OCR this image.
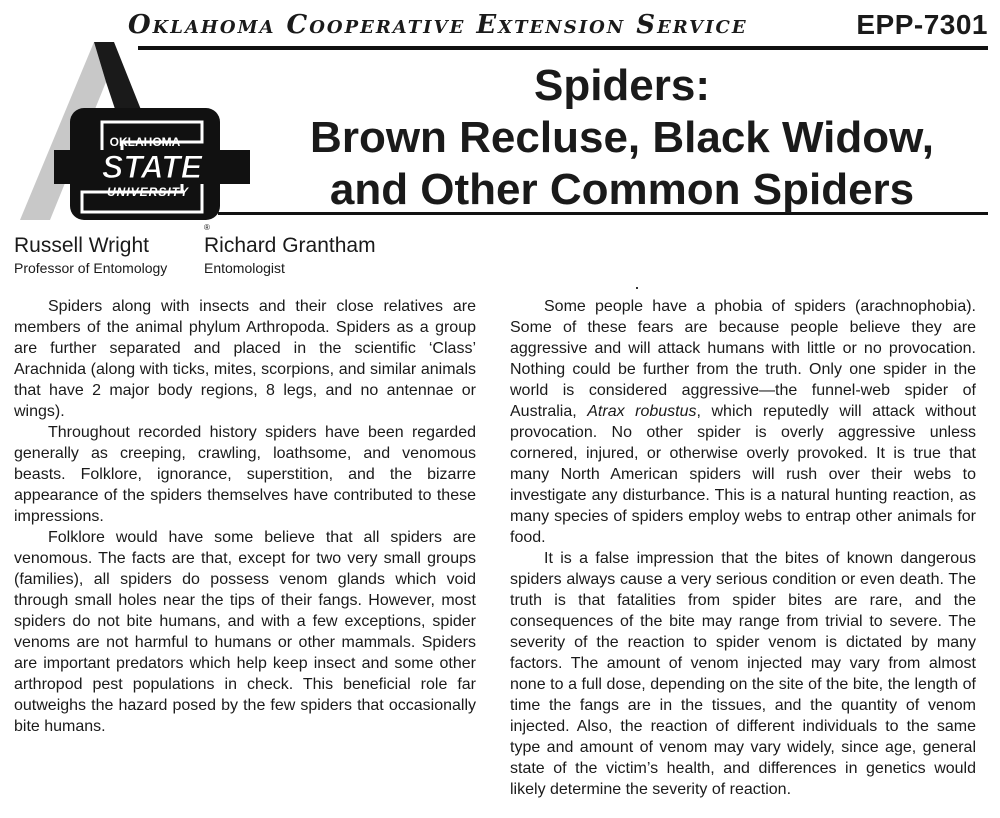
Oklahoma Cooperative Extension Service	EPP-7301
OKLAHOMA
STATE
UNIVERSITY
®
Spiders:
Brown Recluse, Black Widow,
and Other Common Spiders
Russell Wright
Professor of Entomology
Richard Grantham
Entomologist

Spiders along with insects and their close relatives are members of the animal phylum Arthropoda. Spiders as a group are further separated and placed in the scientific ‘Class’ Arachnida (along with ticks, mites, scorpions, and similar animals that have 2 major body regions, 8 legs, and no antennae or wings).

Throughout recorded history spiders have been regarded generally as creeping, crawling, loathsome, and venomous beasts. Folklore, ignorance, superstition, and the bizarre appearance of the spiders themselves have contributed to these impressions.

Folklore would have some believe that all spiders are venomous. The facts are that, except for two very small groups (families), all spiders do possess venom glands which void through small holes near the tips of their fangs. However, most spiders do not bite humans, and with a few exceptions, spider venoms are not harmful to humans or other mammals. Spiders are important predators which help keep insect and some other arthropod pest populations in check. This beneficial role far outweighs the hazard posed by the few spiders that occasionally bite humans.

Some people have a phobia of spiders (arachnophobia). Some of these fears are because people believe they are aggressive and will attack humans with little or no provocation. Nothing could be further from the truth. Only one spider in the world is considered aggressive—the funnel-web spider of Australia, Atrax robustus, which reputedly will attack without provocation. No other spider is overly aggressive unless cornered, injured, or otherwise overly provoked. It is true that many North American spiders will rush over their webs to investigate any disturbance. This is a natural hunting reaction, as many species of spiders employ webs to entrap other animals for food.

It is a false impression that the bites of known dangerous spiders always cause a very serious condition or even death. The truth is that fatalities from spider bites are rare, and the consequences of the bite may range from trivial to severe. The severity of the reaction to spider venom is dictated by many factors. The amount of venom injected may vary from almost none to a full dose, depending on the site of the bite, the length of time the fangs are in the tissues, and the quantity of venom injected. Also, the reaction of different individuals to the same type and amount of venom may vary widely, since age, general state of the victim’s health, and differences in genetics would likely determine the severity of reaction.
